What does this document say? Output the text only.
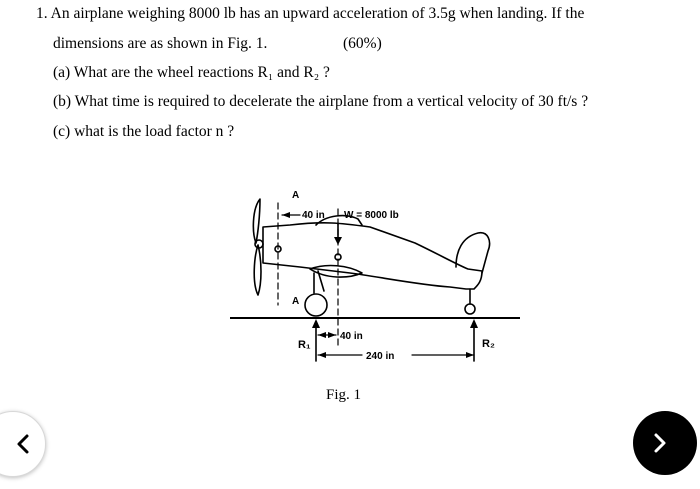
1. An airplane weighing 8000 lb has an upward acceleration of 3.5g when landing. If the
dimensions are as shown in Fig. 1.	(60%)
(a) What are the wheel reactions R₁ and R₂ ?
(b) What time is required to decelerate the airplane from a vertical velocity of 30 ft/s ?
(c) what is the load factor n ?
A
A
40 in W = 8000 lb
40 in
240 in
R₁	R₂
Fig. 1
